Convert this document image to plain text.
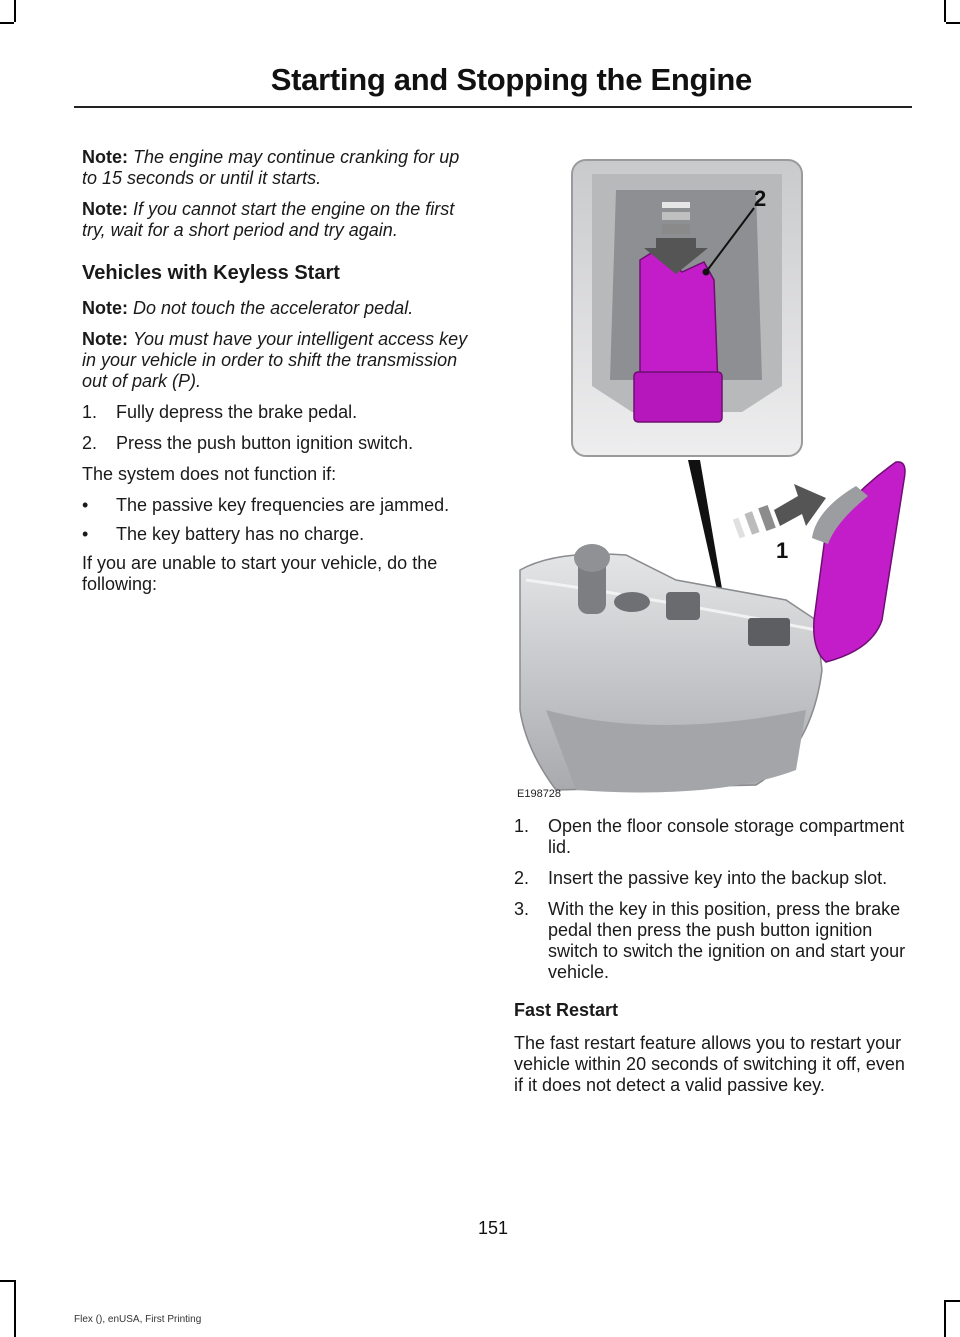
Starting and Stopping the Engine

Note: The engine may continue cranking for up to 15 seconds or until it starts.

Note: If you cannot start the engine on the first try, wait for a short period and try again.

Vehicles with Keyless Start

Note: Do not touch the accelerator pedal.

Note: You must have your intelligent access key in your vehicle in order to shift the transmission out of park (P).

1. Fully depress the brake pedal.
2. Press the push button ignition switch.

The system does not function if:

• The passive key frequencies are jammed.
• The key battery has no charge.

If you are unable to start your vehicle, do the following:

2
1
E198728
1. Open the floor console storage compartment lid.
2. Insert the passive key into the backup slot.
3. With the key in this position, press the brake pedal then press the push button ignition switch to switch the ignition on and start your vehicle.
Fast Restart

The fast restart feature allows you to restart your vehicle within 20 seconds of switching it off, even if it does not detect a valid passive key.

151
Flex (), enUSA, First Printing
